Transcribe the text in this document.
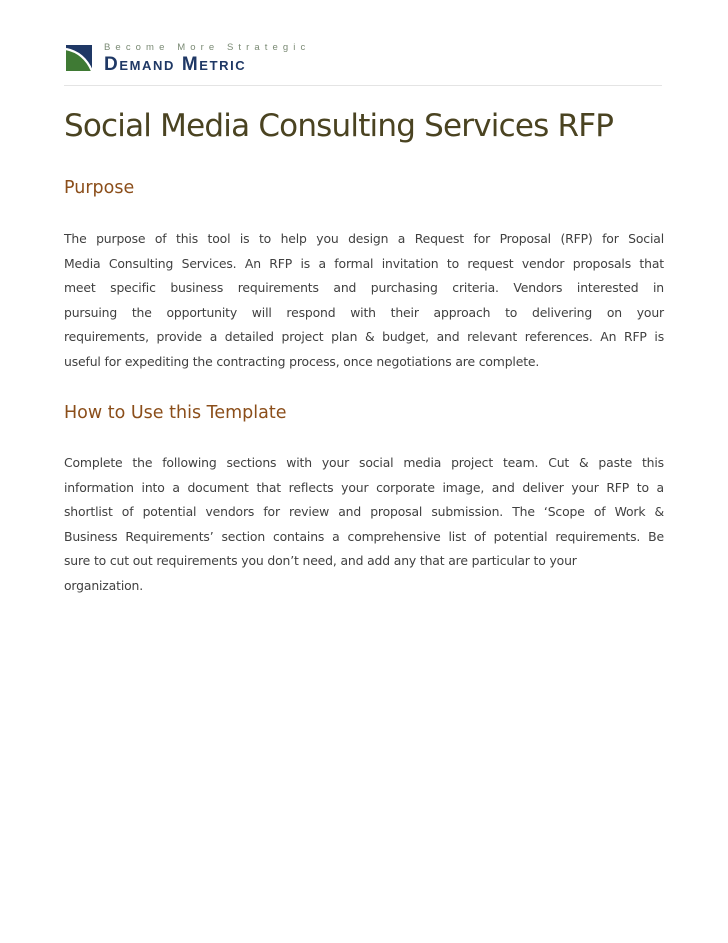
Become More Strategic
Demand Metric
Social Media Consulting Services RFP
Purpose

The purpose of this tool is to help you design a Request for Proposal (RFP) for Social
Media Consulting Services. An RFP is a formal invitation to request vendor proposals that
meet specific business requirements and purchasing criteria. Vendors interested in
pursuing the opportunity will respond with their approach to delivering on your
requirements, provide a detailed project plan & budget, and relevant references. An RFP is
useful for expediting the contracting process, once negotiations are complete.

How to Use this Template

Complete the following sections with your social media project team. Cut & paste this
information into a document that reflects your corporate image, and deliver your RFP to a
shortlist of potential vendors for review and proposal submission. The ‘Scope of Work &
Business Requirements’ section contains a comprehensive list of potential requirements. Be
sure to cut out requirements you don’t need, and add any that are particular to your
organization.
